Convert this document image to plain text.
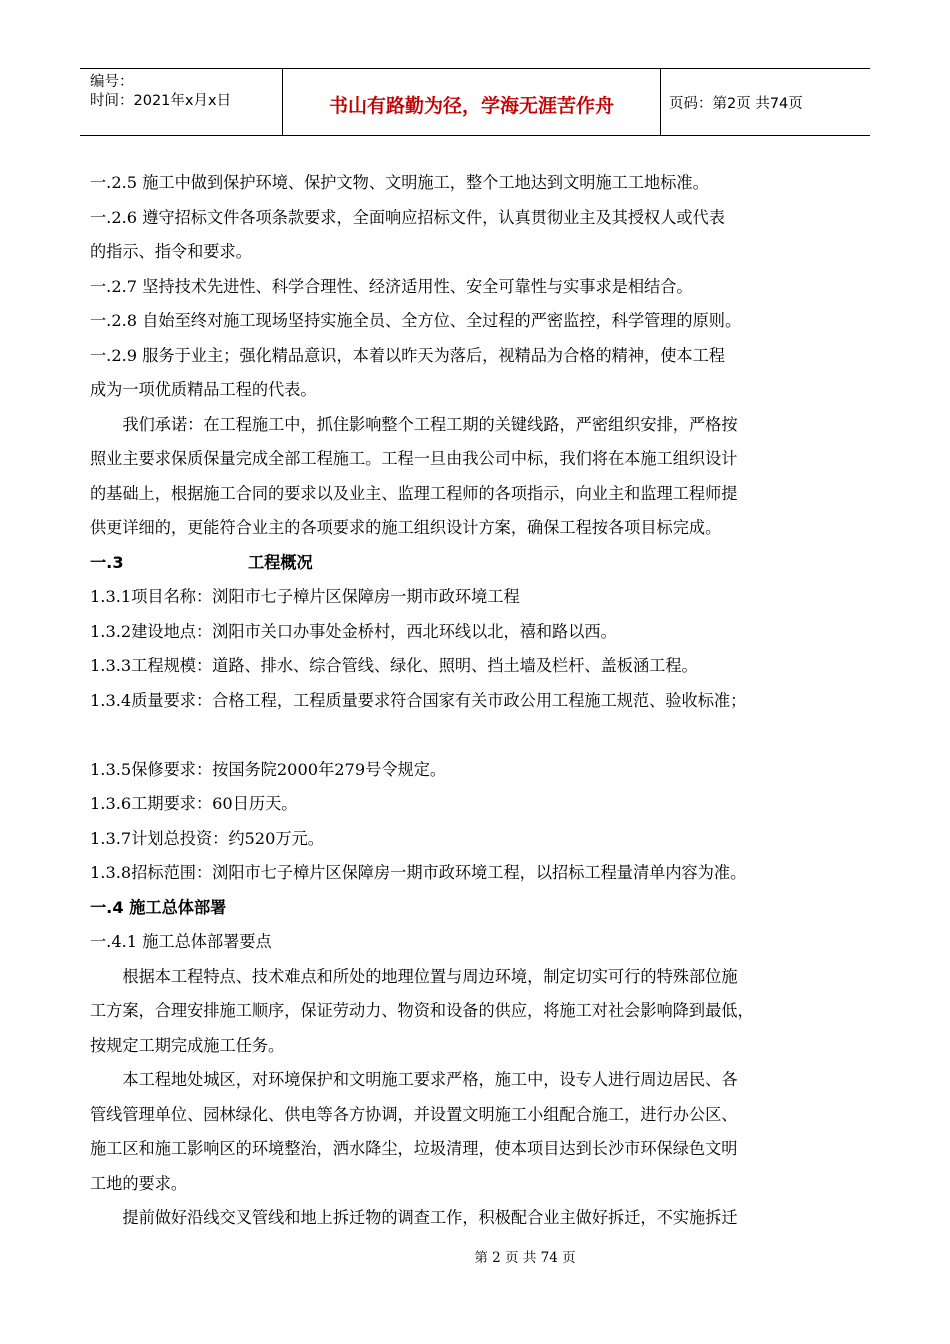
编号：
时间：2021年x月x日	书山有路勤为径，学海无涯苦作舟	页码：第2页 共74页

一.2.5 施工中做到保护环境、保护文物、文明施工，整个工地达到文明施工工地标准。

一.2.6 遵守招标文件各项条款要求，全面响应招标文件，认真贯彻业主及其授权人或代表

的指示、指令和要求。

一.2.7 坚持技术先进性、科学合理性、经济适用性、安全可靠性与实事求是相结合。

一.2.8 自始至终对施工现场坚持实施全员、全方位、全过程的严密监控，科学管理的原则。

一.2.9 服务于业主；强化精品意识，本着以昨天为落后，视精品为合格的精神，使本工程

成为一项优质精品工程的代表。

我们承诺：在工程施工中，抓住影响整个工程工期的关键线路，严密组织安排，严格按

照业主要求保质保量完成全部工程施工。工程一旦由我公司中标，我们将在本施工组织设计

的基础上，根据施工合同的要求以及业主、监理工程师的各项指示，向业主和监理工程师提

供更详细的，更能符合业主的各项要求的施工组织设计方案，确保工程按各项目标完成。

一.3	工程概况

1.3.1项目名称：浏阳市七子樟片区保障房一期市政环境工程

1.3.2建设地点：浏阳市关口办事处金桥村，西北环线以北，禧和路以西。

1.3.3工程规模：道路、排水、综合管线、绿化、照明、挡土墙及栏杆、盖板涵工程。

1.3.4质量要求：合格工程，工程质量要求符合国家有关市政公用工程施工规范、验收标准；

1.3.5保修要求：按国务院2000年279号令规定。

1.3.6工期要求：60日历天。

1.3.7计划总投资：约520万元。

1.3.8招标范围：浏阳市七子樟片区保障房一期市政环境工程，以招标工程量清单内容为准。

一.4 施工总体部署

一.4.1 施工总体部署要点

根据本工程特点、技术难点和所处的地理位置与周边环境，制定切实可行的特殊部位施

工方案，合理安排施工顺序，保证劳动力、物资和设备的供应，将施工对社会影响降到最低，

按规定工期完成施工任务。

本工程地处城区，对环境保护和文明施工要求严格，施工中，设专人进行周边居民、各

管线管理单位、园林绿化、供电等各方协调，并设置文明施工小组配合施工，进行办公区、

施工区和施工影响区的环境整治，洒水降尘，垃圾清理，使本项目达到长沙市环保绿色文明

工地的要求。

提前做好沿线交叉管线和地上拆迁物的调查工作，积极配合业主做好拆迁，不实施拆迁

第 2 页 共 74 页
